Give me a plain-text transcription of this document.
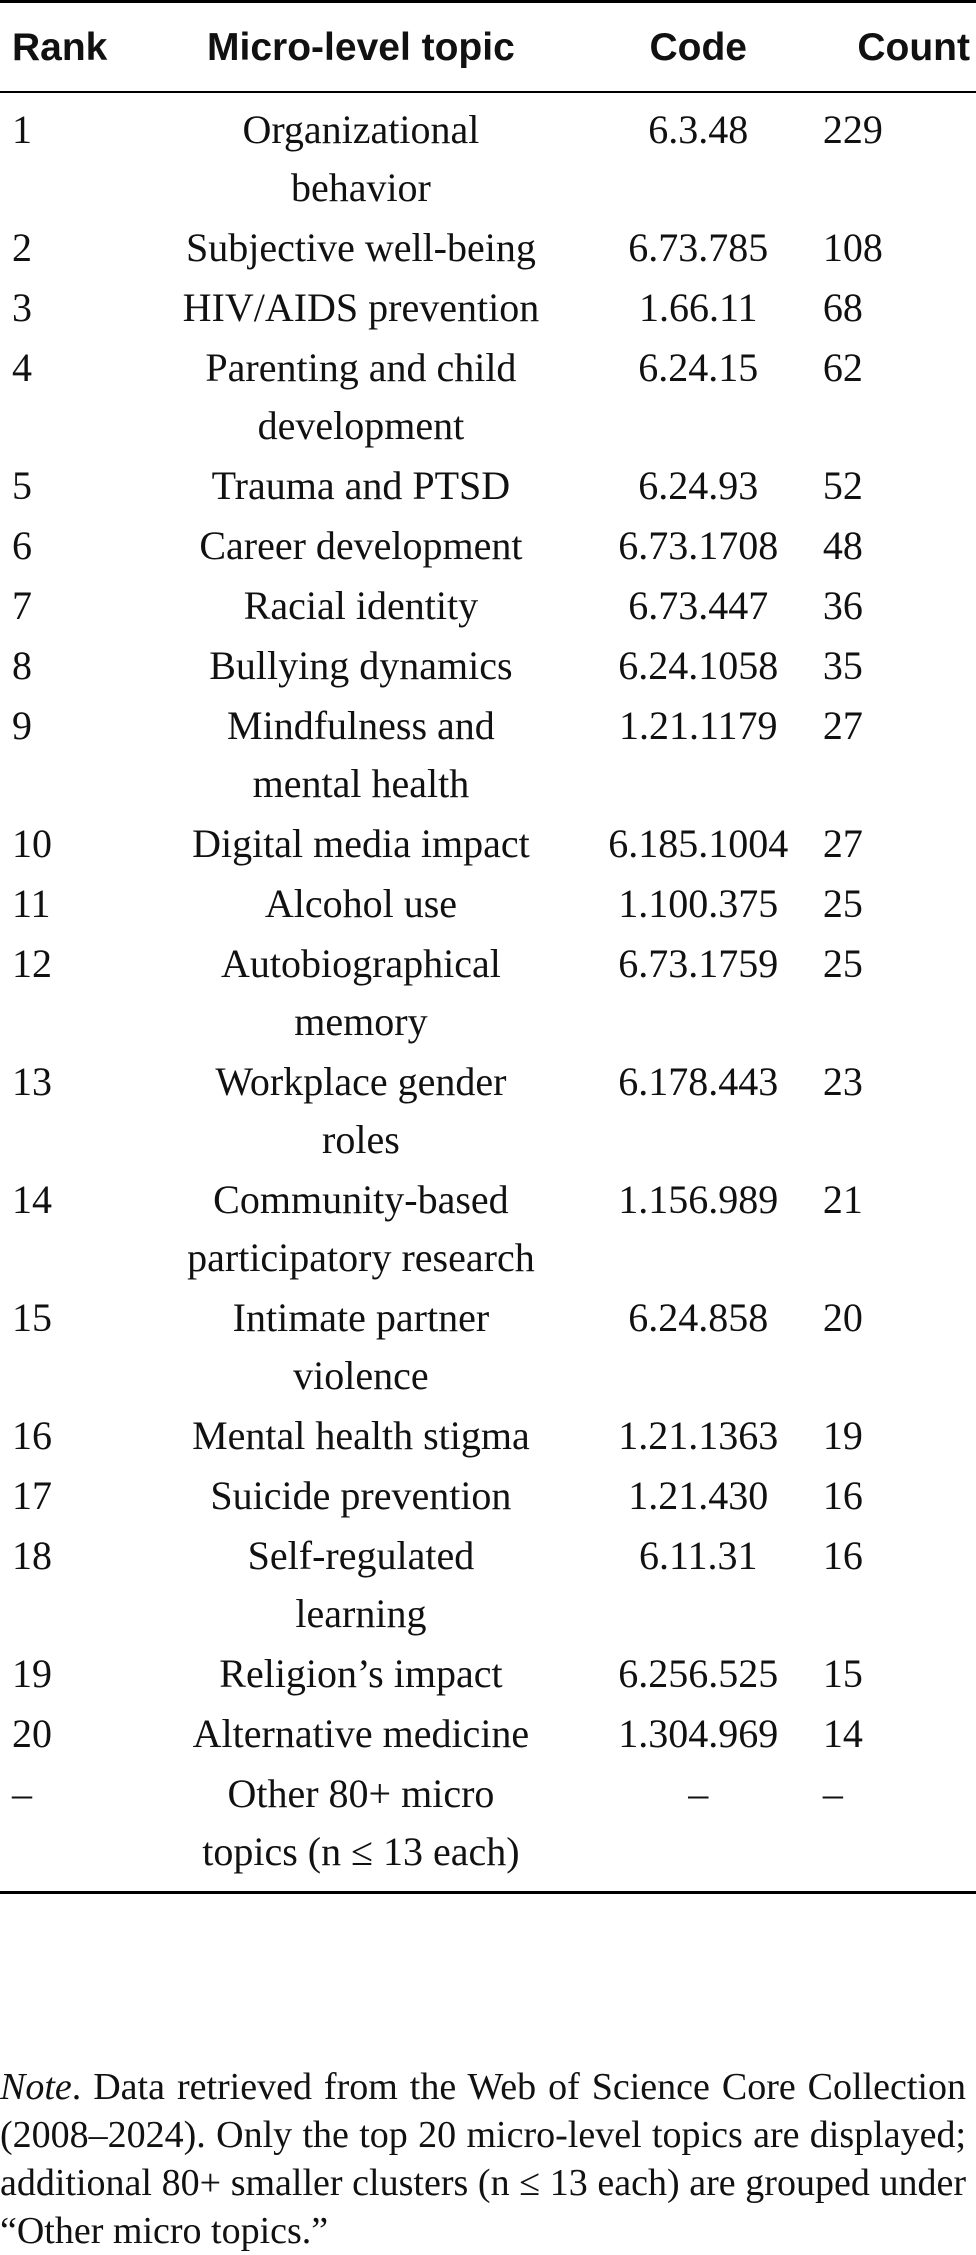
Rank	Micro-level topic	Code	Count
1	Organizational behavior	6.3.48	229
2	Subjective well-being	6.73.785	108
3	HIV/AIDS prevention	1.66.11	68
4	Parenting and child development	6.24.15	62
5	Trauma and PTSD	6.24.93	52
6	Career development	6.73.1708	48
7	Racial identity	6.73.447	36
8	Bullying dynamics	6.24.1058	35
9	Mindfulness and mental health	1.21.1179	27
10	Digital media impact	6.185.1004	27
11	Alcohol use	1.100.375	25
12	Autobiographical memory	6.73.1759	25
13	Workplace gender roles	6.178.443	23
14	Community-based participatory research	1.156.989	21
15	Intimate partner violence	6.24.858	20
16	Mental health stigma	1.21.1363	19
17	Suicide prevention	1.21.430	16
18	Self-regulated learning	6.11.31	16
19	Religion’s impact	6.256.525	15
20	Alternative medicine	1.304.969	14
–	Other 80+ micro topics (n ≤ 13 each)	–	–

Note. Data retrieved from the Web of Science Core Collection (2008–2024). Only the top 20 micro-level topics are displayed; additional 80+ smaller clusters (n ≤ 13 each) are grouped under “Other micro topics.”
